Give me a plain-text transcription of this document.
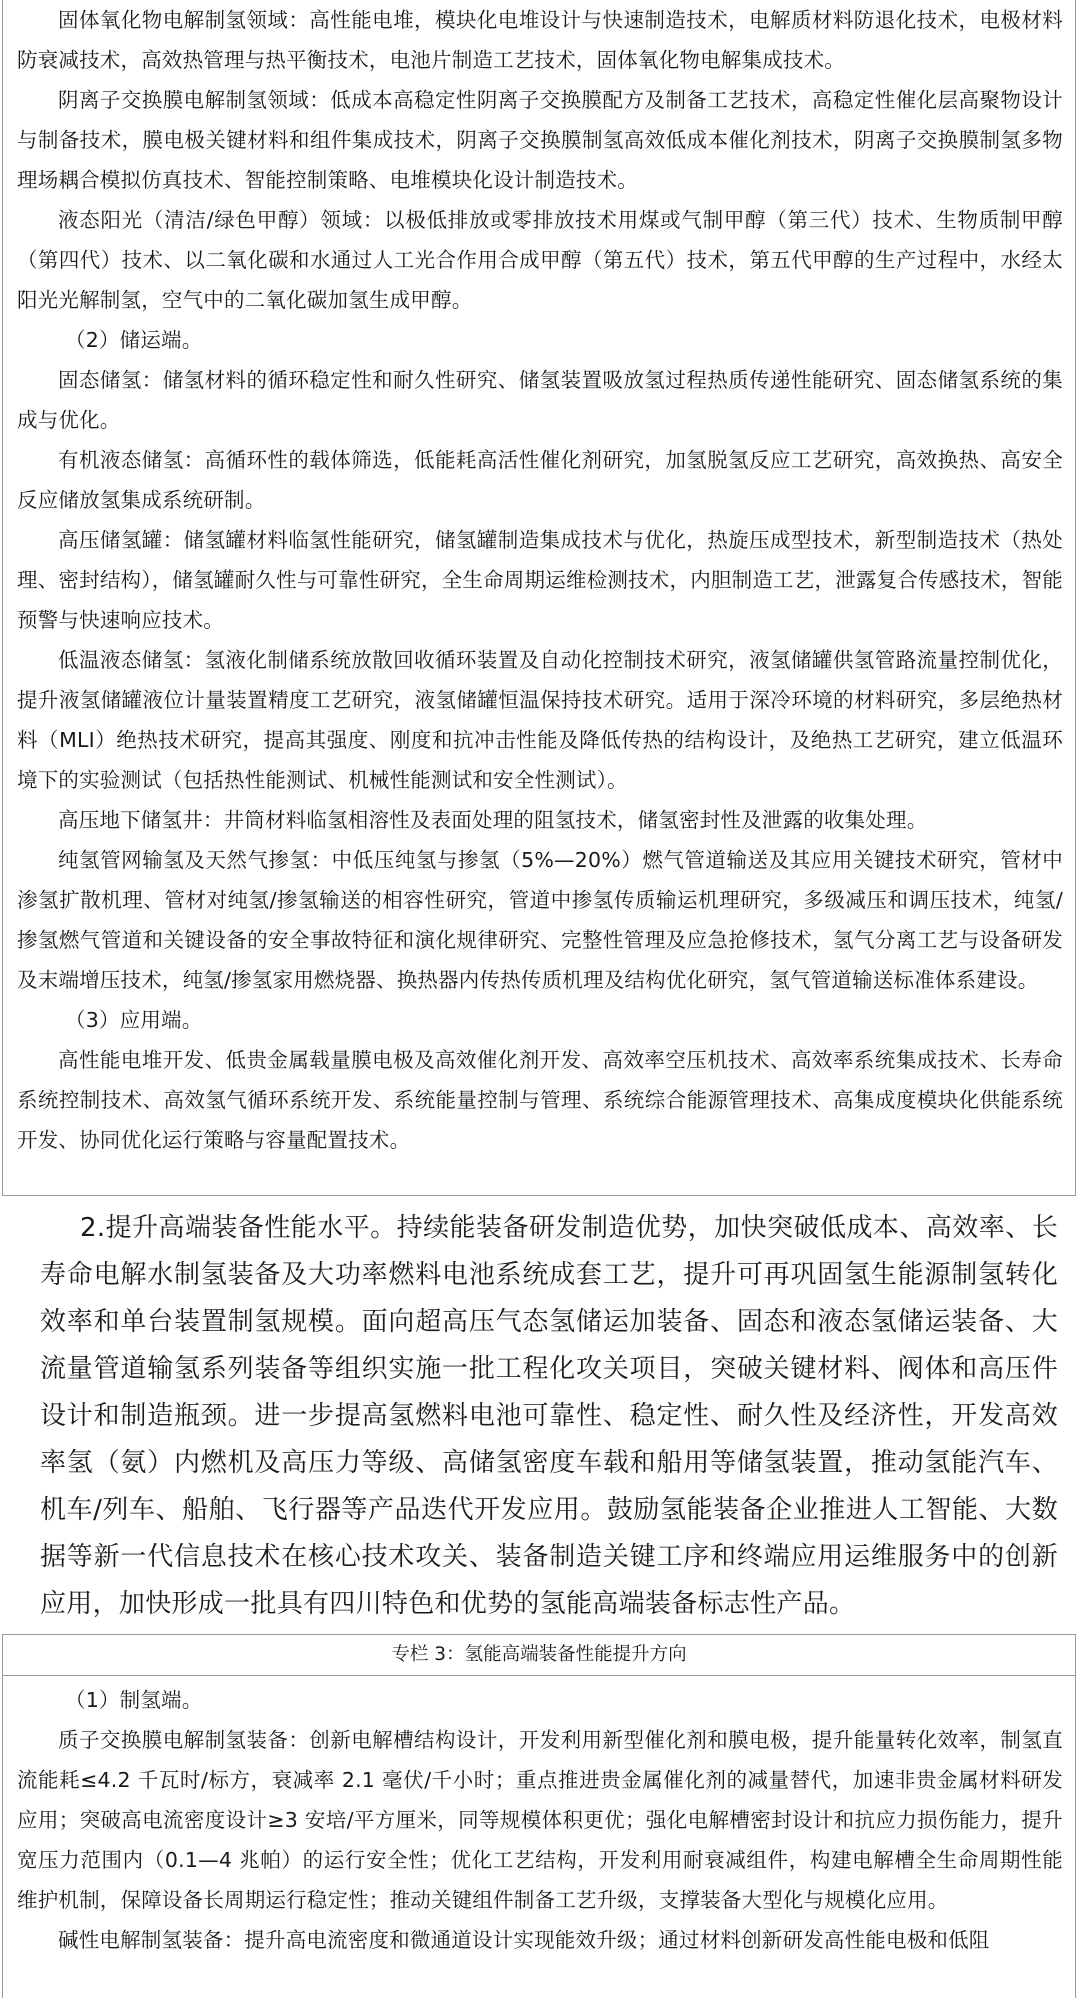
固体氧化物电解制氢领域：高性能电堆，模块化电堆设计与快速制造技术，电解质材料防退化技术，电极材料防衰减技术，高效热管理与热平衡技术，电池片制造工艺技术，固体氧化物电解集成技术。

阴离子交换膜电解制氢领域：低成本高稳定性阴离子交换膜配方及制备工艺技术，高稳定性催化层高聚物设计与制备技术，膜电极关键材料和组件集成技术，阴离子交换膜制氢高效低成本催化剂技术，阴离子交换膜制氢多物理场耦合模拟仿真技术、智能控制策略、电堆模块化设计制造技术。

液态阳光（清洁/绿色甲醇）领域：以极低排放或零排放技术用煤或气制甲醇（第三代）技术、生物质制甲醇（第四代）技术、以二氧化碳和水通过人工光合作用合成甲醇（第五代）技术，第五代甲醇的生产过程中，水经太阳光光解制氢，空气中的二氧化碳加氢生成甲醇。

（2）储运端。

固态储氢：储氢材料的循环稳定性和耐久性研究、储氢装置吸放氢过程热质传递性能研究、固态储氢系统的集成与优化。

有机液态储氢：高循环性的载体筛选，低能耗高活性催化剂研究，加氢脱氢反应工艺研究，高效换热、高安全反应储放氢集成系统研制。

高压储氢罐：储氢罐材料临氢性能研究，储氢罐制造集成技术与优化，热旋压成型技术，新型制造技术（热处理、密封结构），储氢罐耐久性与可靠性研究，全生命周期运维检测技术，内胆制造工艺，泄露复合传感技术，智能预警与快速响应技术。

低温液态储氢：氢液化制储系统放散回收循环装置及自动化控制技术研究，液氢储罐供氢管路流量控制优化，提升液氢储罐液位计量装置精度工艺研究，液氢储罐恒温保持技术研究。适用于深冷环境的材料研究，多层绝热材料（MLI）绝热技术研究，提高其强度、刚度和抗冲击性能及降低传热的结构设计，及绝热工艺研究，建立低温环境下的实验测试（包括热性能测试、机械性能测试和安全性测试）。

高压地下储氢井：井筒材料临氢相溶性及表面处理的阻氢技术，储氢密封性及泄露的收集处理。

纯氢管网输氢及天然气掺氢：中低压纯氢与掺氢（5%—20%）燃气管道输送及其应用关键技术研究，管材中渗氢扩散机理、管材对纯氢/掺氢输送的相容性研究，管道中掺氢传质输运机理研究，多级减压和调压技术，纯氢/掺氢燃气管道和关键设备的安全事故特征和演化规律研究、完整性管理及应急抢修技术，氢气分离工艺与设备研发及末端增压技术，纯氢/掺氢家用燃烧器、换热器内传热传质机理及结构优化研究，氢气管道输送标准体系建设。

（3）应用端。

高性能电堆开发、低贵金属载量膜电极及高效催化剂开发、高效率空压机技术、高效率系统集成技术、长寿命系统控制技术、高效氢气循环系统开发、系统能量控制与管理、系统综合能源管理技术、高集成度模块化供能系统开发、协同优化运行策略与容量配置技术。

2.提升高端装备性能水平。持续能装备研发制造优势，加快突破低成本、高效率、长寿命电解水制氢装备及大功率燃料电池系统成套工艺，提升可再巩固氢生能源制氢转化效率和单台装置制氢规模。面向超高压气态氢储运加装备、固态和液态氢储运装备、大流量管道输氢系列装备等组织实施一批工程化攻关项目，突破关键材料、阀体和高压件设计和制造瓶颈。进一步提高氢燃料电池可靠性、稳定性、耐久性及经济性，开发高效率氢（氨）内燃机及高压力等级、高储氢密度车载和船用等储氢装置，推动氢能汽车、机车/列车、船舶、飞行器等产品迭代开发应用。鼓励氢能装备企业推进人工智能、大数据等新一代信息技术在核心技术攻关、装备制造关键工序和终端应用运维服务中的创新应用，加快形成一批具有四川特色和优势的氢能高端装备标志性产品。

专栏 3：氢能高端装备性能提升方向

（1）制氢端。

质子交换膜电解制氢装备：创新电解槽结构设计，开发利用新型催化剂和膜电极，提升能量转化效率，制氢直流能耗≤4.2 千瓦时/标方，衰减率 2.1 毫伏/千小时；重点推进贵金属催化剂的减量替代，加速非贵金属材料研发应用；突破高电流密度设计≥3 安培/平方厘米，同等规模体积更优；强化电解槽密封设计和抗应力损伤能力，提升宽压力范围内（0.1—4 兆帕）的运行安全性；优化工艺结构，开发利用耐衰减组件，构建电解槽全生命周期性能维护机制，保障设备长周期运行稳定性；推动关键组件制备工艺升级，支撑装备大型化与规模化应用。

碱性电解制氢装备：提升高电流密度和微通道设计实现能效升级；通过材料创新研发高性能电极和低阻
